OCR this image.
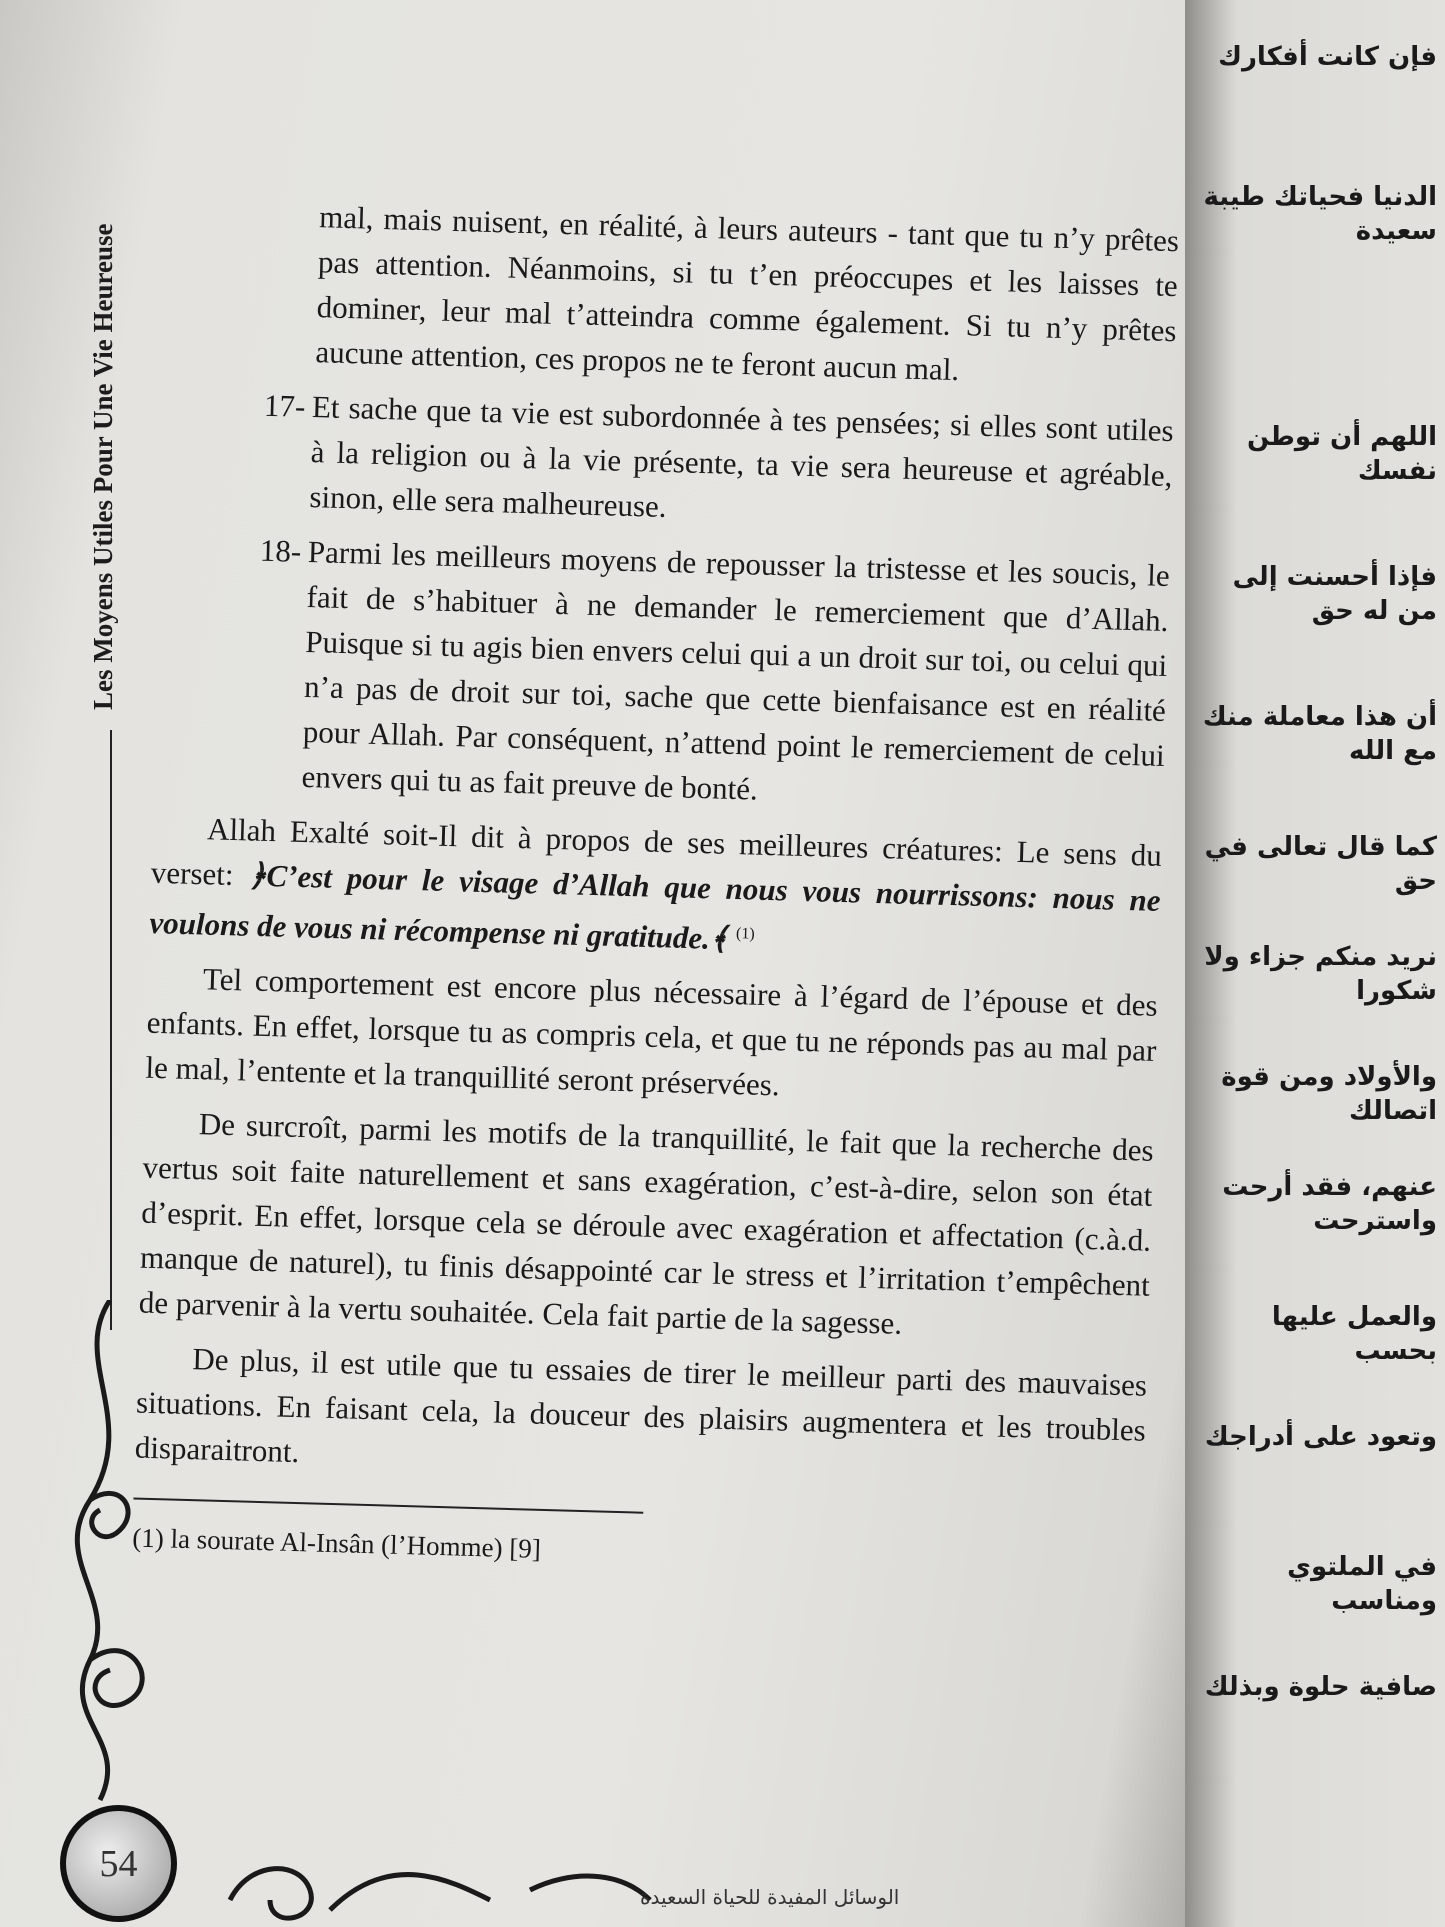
Les Moyens Utiles Pour Une Vie Heureuse	mal, mais nuisent, en réalité, à leurs auteurs - tant que tu n’y prêtes pas attention. Néanmoins, si tu t’en préoccupes et les laisses te dominer, leur mal t’atteindra comme également. Si tu n’y prêtes aucune attention, ces propos ne te feront aucun mal.

17- Et sache que ta vie est subordonnée à tes pensées; si elles sont utiles à la religion ou à la vie présente, ta vie sera heureuse et agréable, sinon, elle sera malheureuse.

18- Parmi les meilleurs moyens de repousser la tristesse et les soucis, le fait de s’habituer à ne demander le remerciement que d’Allah. Puisque si tu agis bien envers celui qui a un droit sur toi, ou celui qui n’a pas de droit sur toi, sache que cette bienfaisance est en réalité pour Allah. Par conséquent, n’attend point le remerciement de celui envers qui tu as fait preuve de bonté.

Allah Exalté soit-Il dit à propos de ses meilleures créatures: Le sens du verset: ﴿C’est pour le visage d’Allah que nous vous nourrissons: nous ne voulons de vous ni récompense ni gratitude.﴾ $^{(1)}$

Tel comportement est encore plus nécessaire à l’égard de l’épouse et des enfants. En effet, lorsque tu as compris cela, et que tu ne réponds pas au mal par le mal, l’entente et la tranquillité seront préservées.

De surcroît, parmi les motifs de la tranquillité, le fait que la recherche des vertus soit faite naturellement et sans exagération, c’est-à-dire, selon son état d’esprit. En effet, lorsque cela se déroule avec exagération et affectation (c.à.d. manque de naturel), tu finis désappointé car le stress et l’irritation t’empêchent de parvenir à la vertu souhaitée. Cela fait partie de la sagesse.

De plus, il est utile que tu essaies de tirer le meilleur parti des mauvaises situations. En faisant cela, la douceur des plaisirs augmentera et les troubles disparaitront.

(1) la sourate Al-Insân (l’Homme) [9]
54
الوسائل المفيدة للحياة السعيدة
فإن كانت أفكارك
الدنيا فحياتك طيبة سعيدة
اللهم أن توطن نفسك
فإذا أحسنت إلى من له حق
أن هذا معاملة منك مع الله
كما قال تعالى في حق
نريد منكم جزاء ولا شكورا
والأولاد ومن قوة اتصالك
عنهم، فقد أرحت واسترحت
والعمل عليها بحسب
وتعود على أدراجك
في الملتوي ومناسب
صافية حلوة وبذلك
